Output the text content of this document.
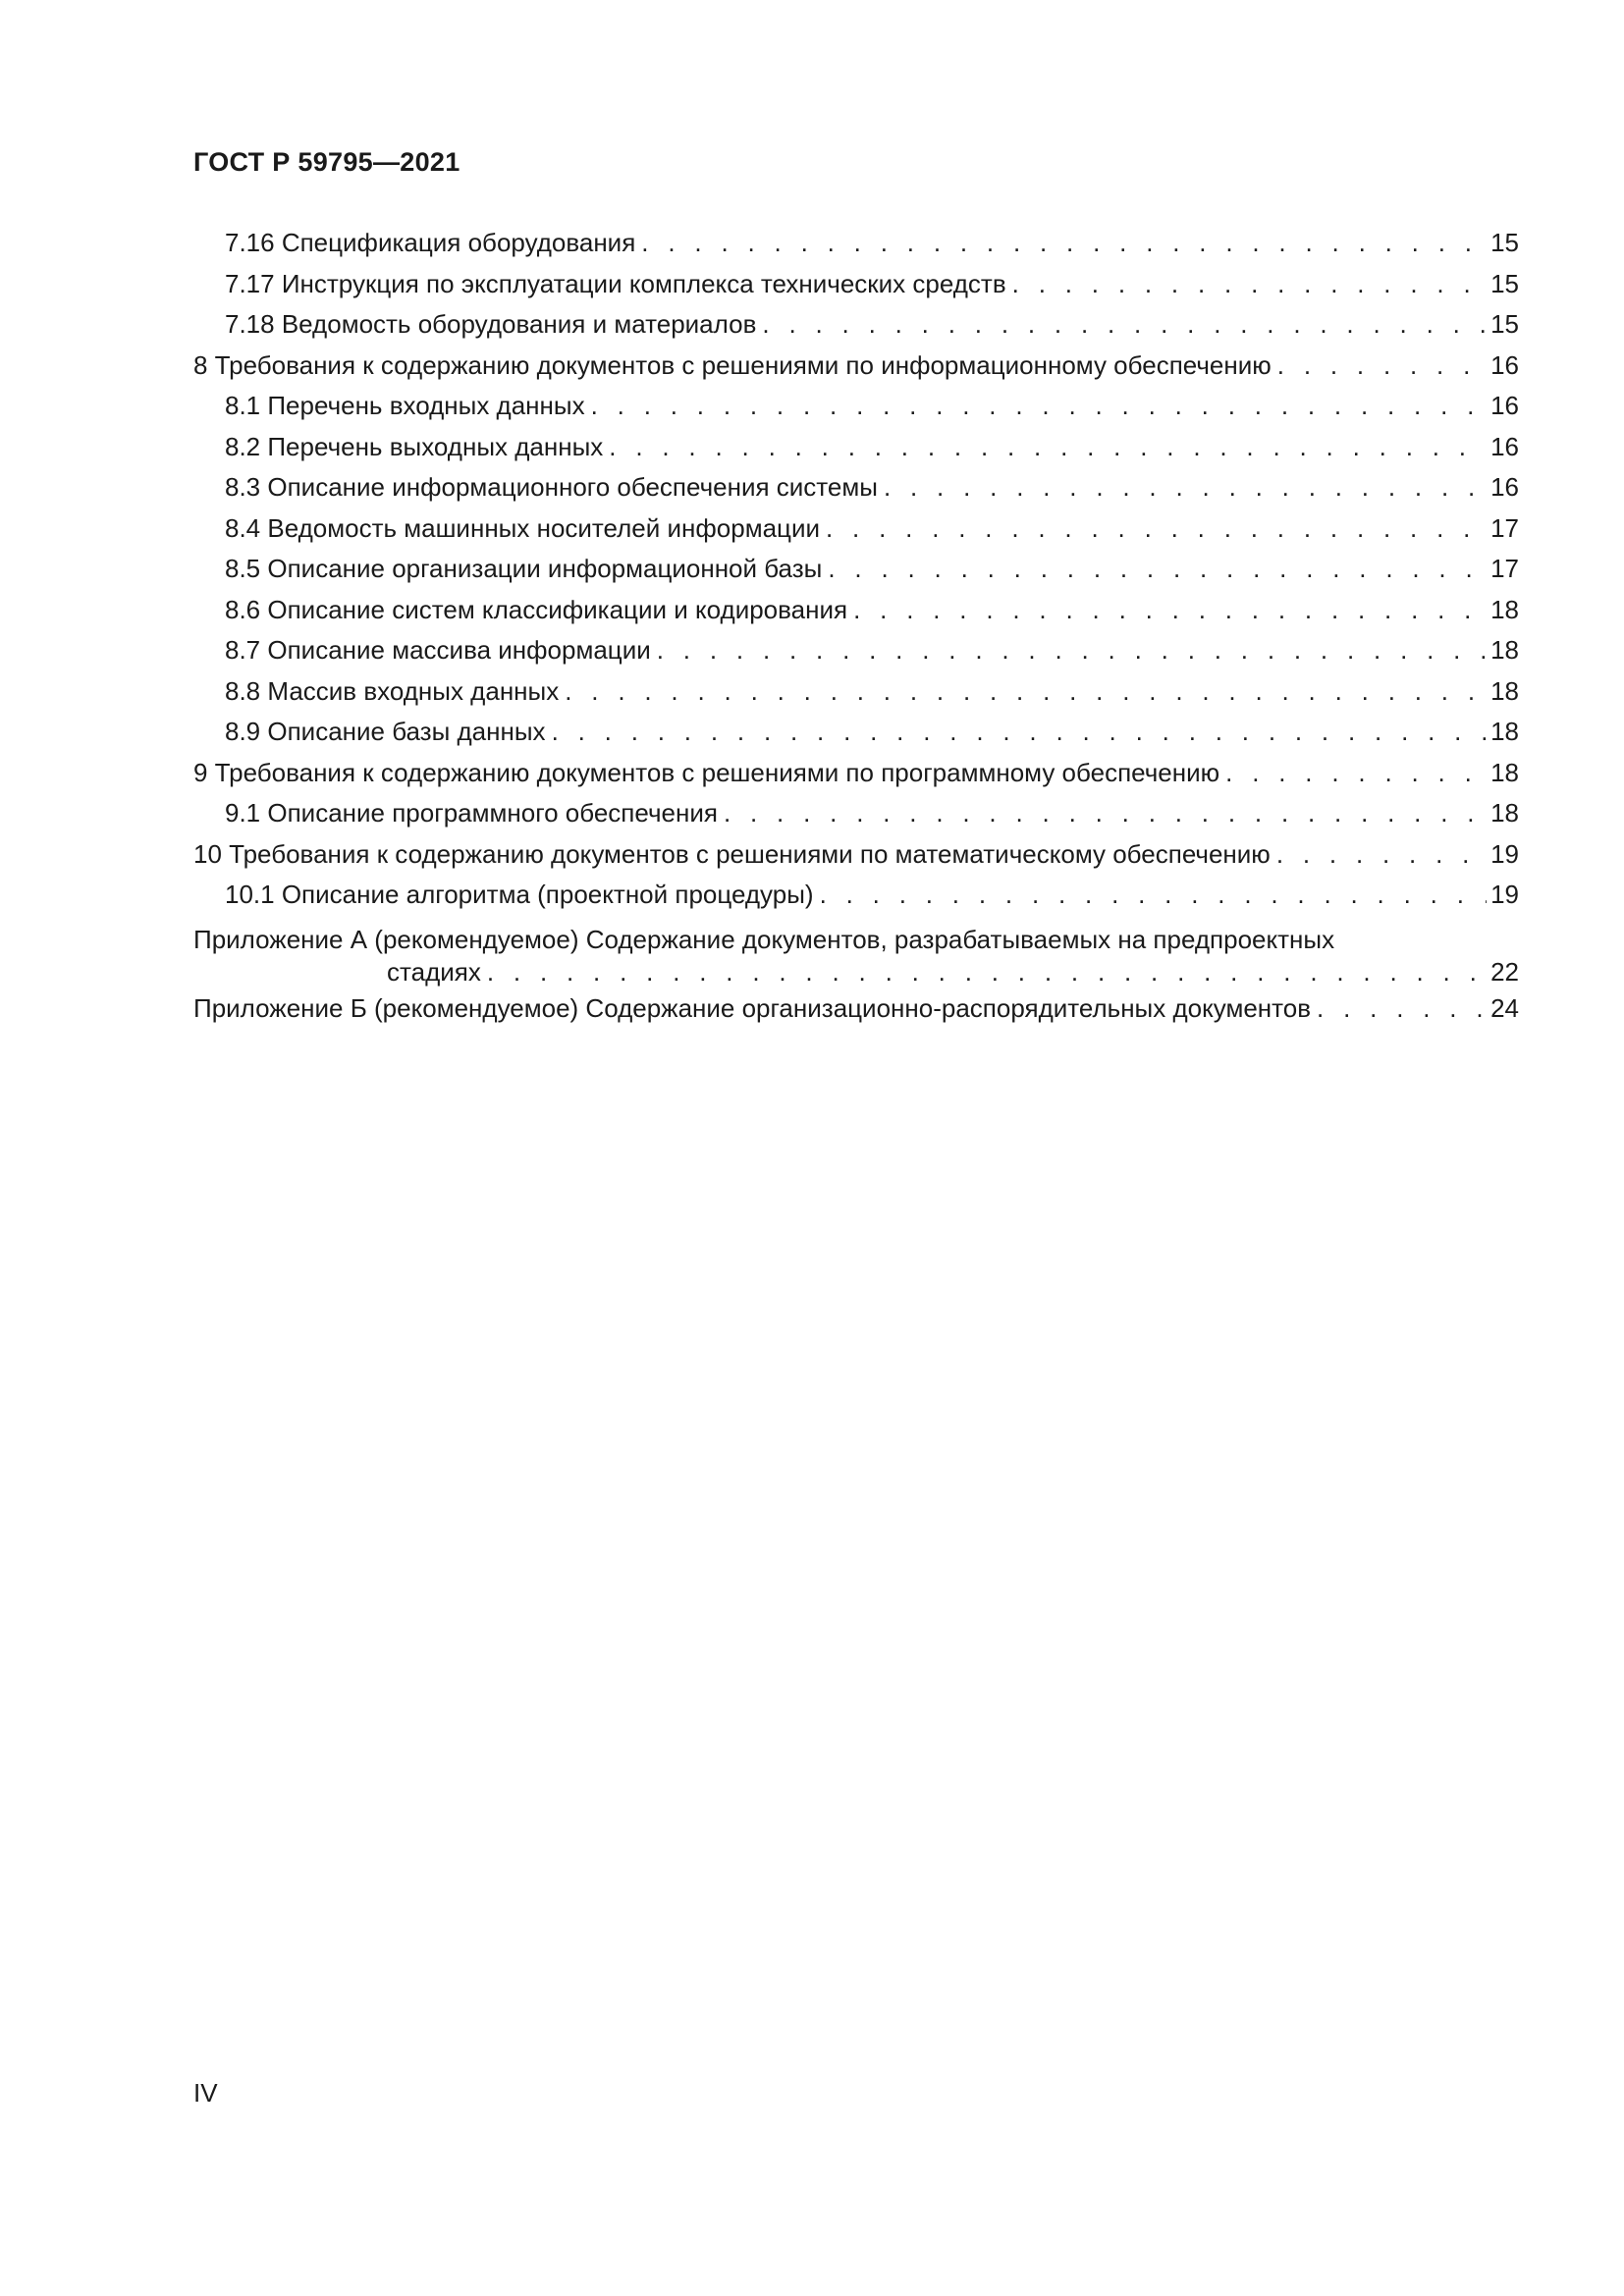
ГОСТ Р 59795—2021
7.16 Спецификация оборудования . . .	15
7.17 Инструкция по эксплуатации комплекса технических средств . . .	15
7.18 Ведомость оборудования и материалов . . .	15
8 Требования к содержанию документов с решениями по информационному обеспечению . . .	16
8.1 Перечень входных данных . . .	16
8.2 Перечень выходных данных . . .	16
8.3 Описание информационного обеспечения системы . . .	16
8.4 Ведомость машинных носителей информации . . .	17
8.5 Описание организации информационной базы . . .	17
8.6 Описание систем классификации и кодирования . . .	18
8.7 Описание массива информации . . .	18
8.8 Массив входных данных . . .	18
8.9 Описание базы данных . . .	18
9 Требования к содержанию документов с решениями по программному обеспечению . . .	18
9.1 Описание программного обеспечения . . .	18
10 Требования к содержанию документов с решениями по математическому обеспечению . . .	19
10.1 Описание алгоритма (проектной процедуры) . . .	19
Приложение А (рекомендуемое) Содержание документов, разрабатываемых на предпроектных
стадиях . . .	22
Приложение Б (рекомендуемое) Содержание организационно-распорядительных документов . . .	24
IV
